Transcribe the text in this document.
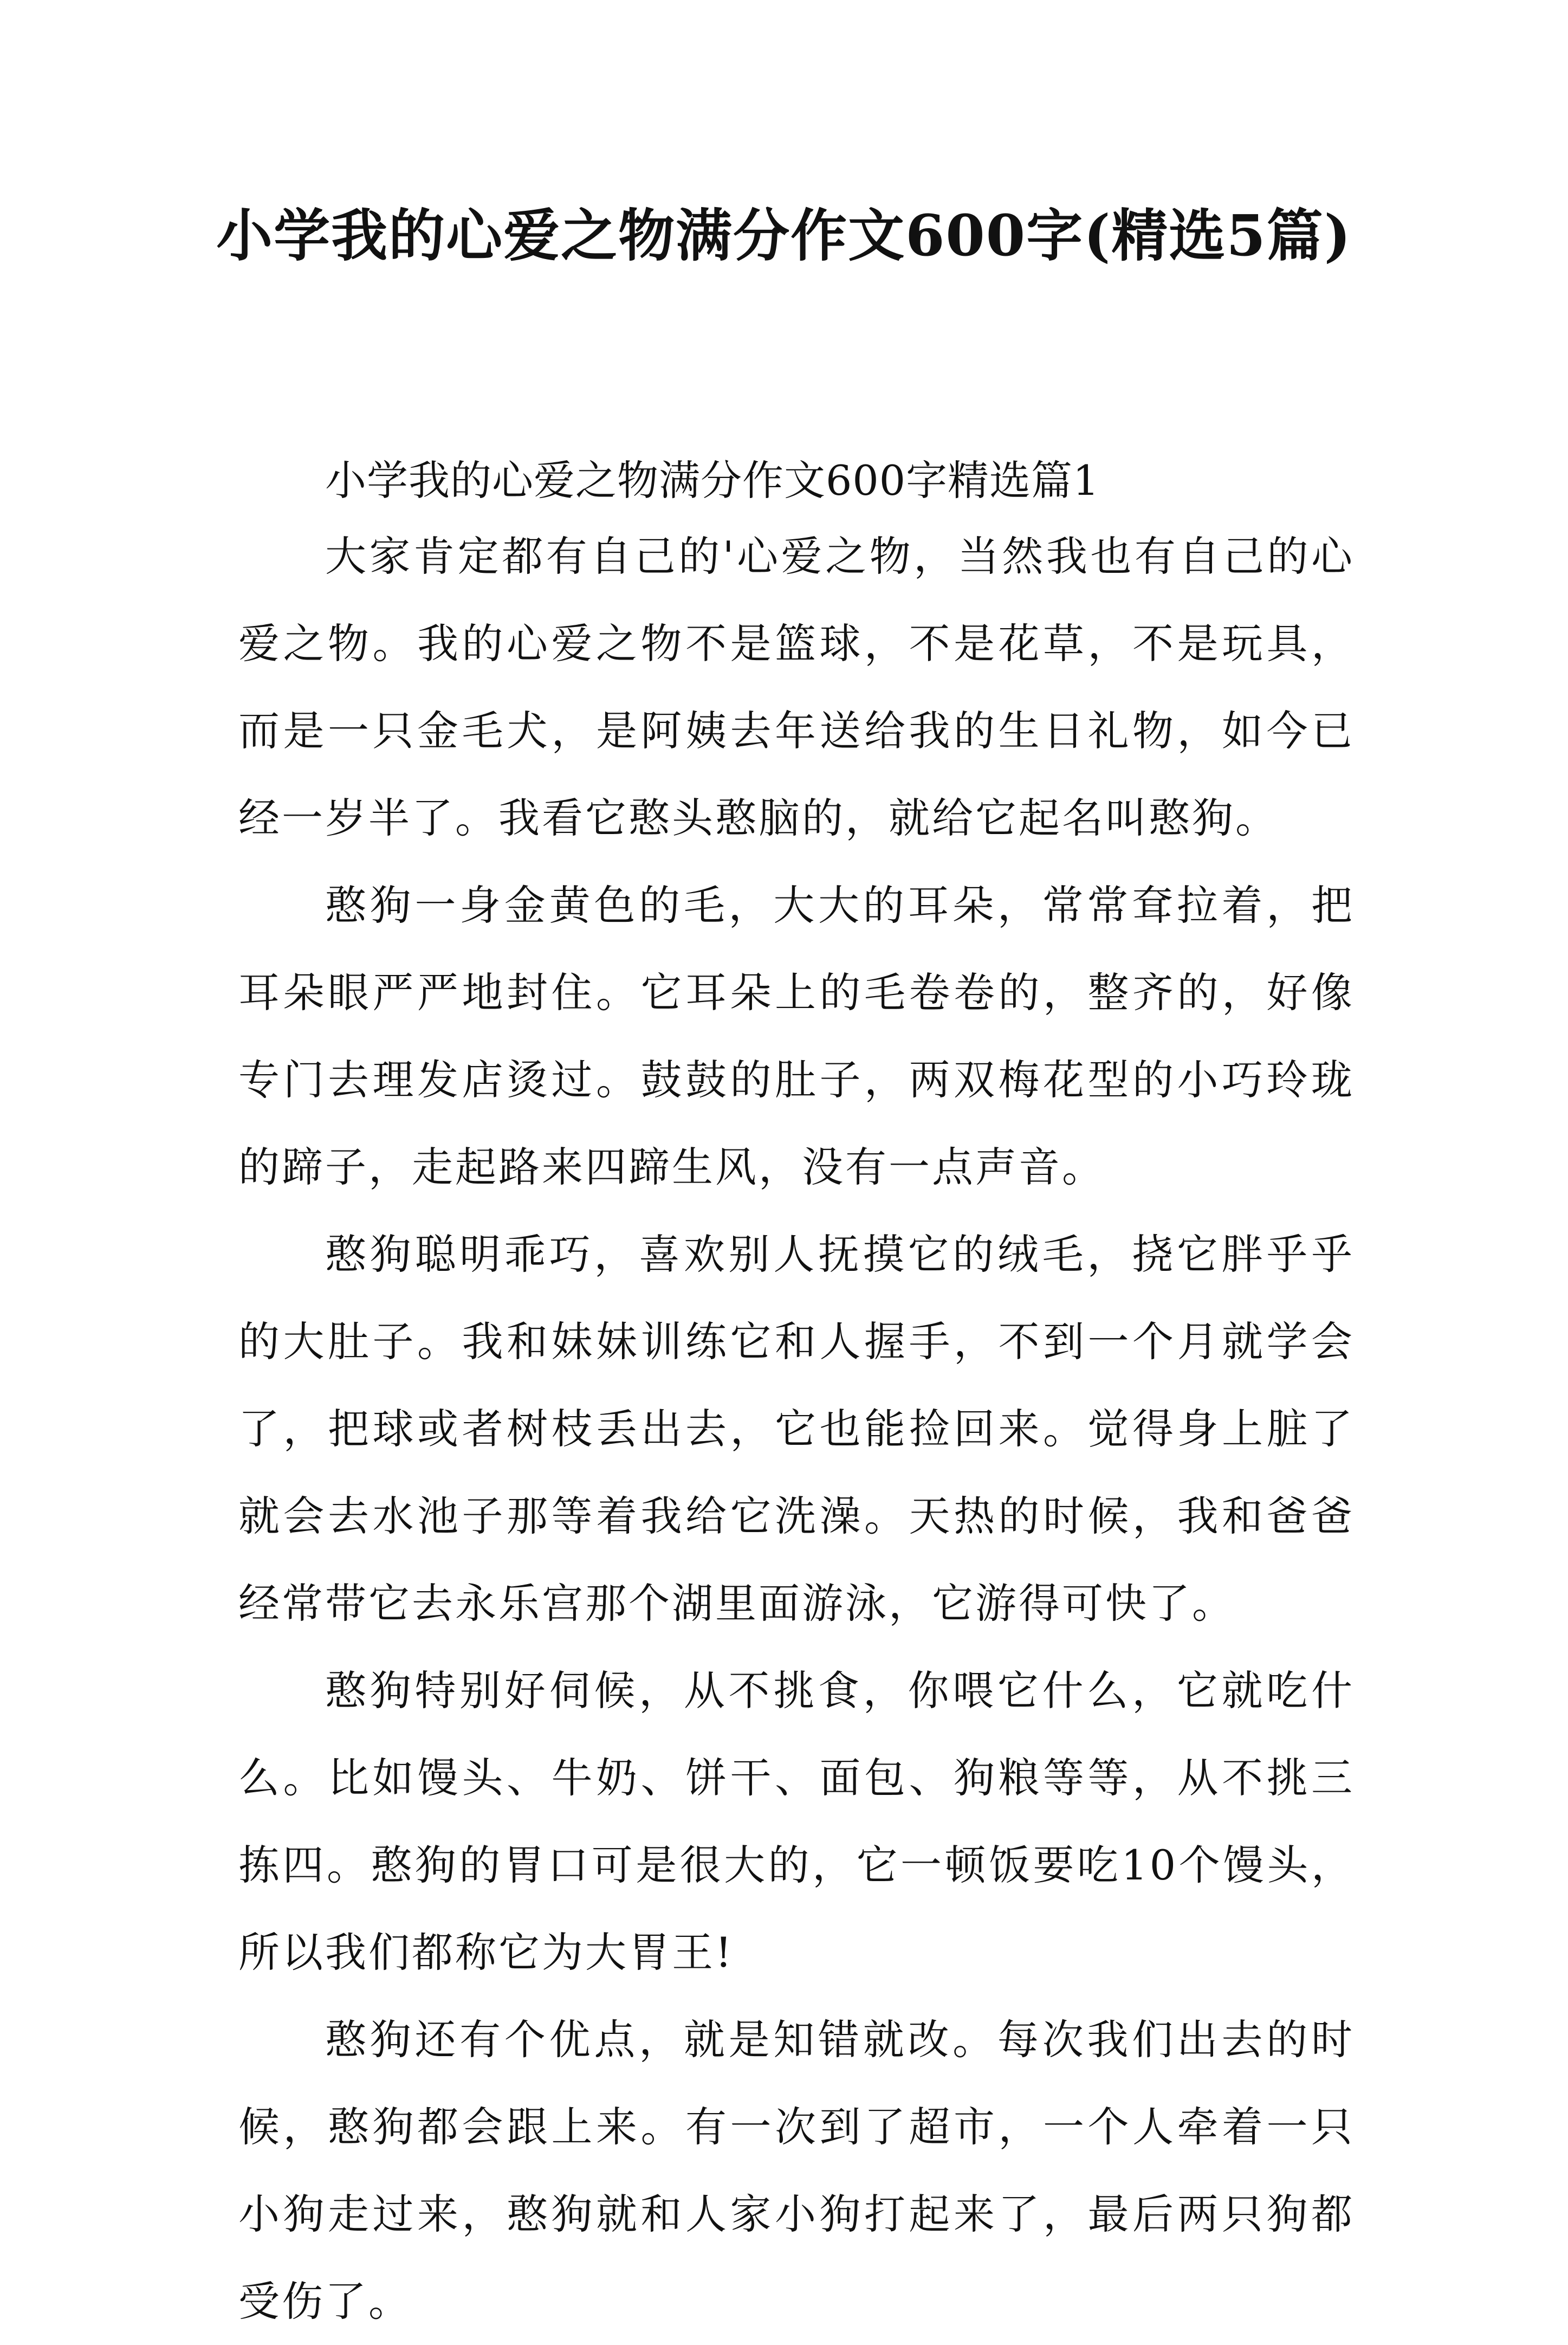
小学我的心爱之物满分作文600字(精选5篇)

小学我的心爱之物满分作文600字精选篇1

大家肯定都有自己的'心爱之物，当然我也有自己的心爱之物。我的心爱之物不是篮球，不是花草，不是玩具，而是一只金毛犬，是阿姨去年送给我的生日礼物，如今已经一岁半了。我看它憨头憨脑的，就给它起名叫憨狗。

憨狗一身金黄色的毛，大大的耳朵，常常耷拉着，把耳朵眼严严地封住。它耳朵上的毛卷卷的，整齐的，好像专门去理发店烫过。鼓鼓的肚子，两双梅花型的小巧玲珑的蹄子，走起路来四蹄生风，没有一点声音。

憨狗聪明乖巧，喜欢别人抚摸它的绒毛，挠它胖乎乎的大肚子。我和妹妹训练它和人握手，不到一个月就学会了，把球或者树枝丢出去，它也能捡回来。觉得身上脏了就会去水池子那等着我给它洗澡。天热的时候，我和爸爸经常带它去永乐宫那个湖里面游泳，它游得可快了。

憨狗特别好伺候，从不挑食，你喂它什么，它就吃什么。比如馒头、牛奶、饼干、面包、狗粮等等，从不挑三拣四。憨狗的胃口可是很大的，它一顿饭要吃10个馒头，所以我们都称它为大胃王!

憨狗还有个优点，就是知错就改。每次我们出去的时候，憨狗都会跟上来。有一次到了超市，一个人牵着一只小狗走过来，憨狗就和人家小狗打起来了，最后两只狗都受伤了。
